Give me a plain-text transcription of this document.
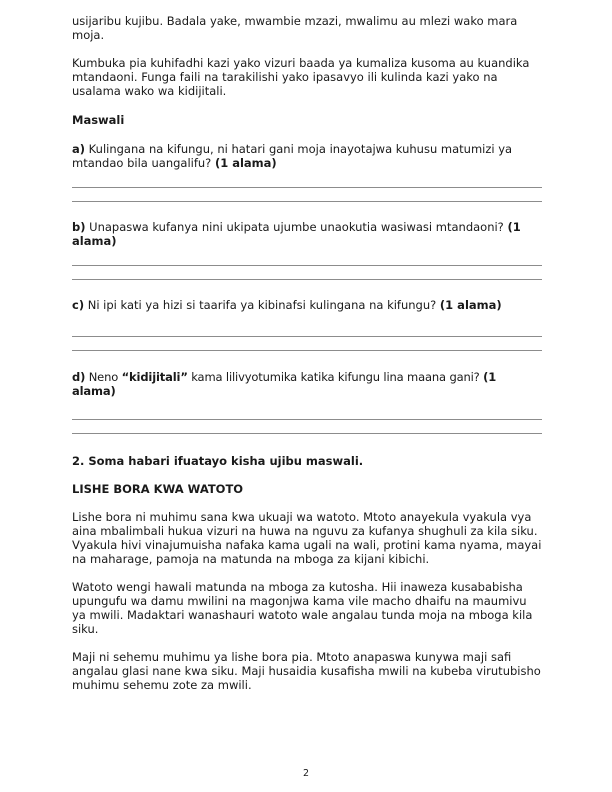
usijaribu kujibu. Badala yake, mwambie mzazi, mwalimu au mlezi wako mara moja.

Kumbuka pia kuhifadhi kazi yako vizuri baada ya kumaliza kusoma au kuandika mtandaoni. Funga faili na tarakilishi yako ipasavyo ili kulinda kazi yako na usalama wako wa kidijitali.

Maswali

a) Kulingana na kifungu, ni hatari gani moja inayotajwa kuhusu matumizi ya mtandao bila uangalifu? (1 alama)

b) Unapaswa kufanya nini ukipata ujumbe unaokutia wasiwasi mtandaoni? (1 alama)

c) Ni ipi kati ya hizi si taarifa ya kibinafsi kulingana na kifungu? (1 alama)

d) Neno “kidijitali” kama lilivyotumika katika kifungu lina maana gani? (1 alama)

2. Soma habari ifuatayo kisha ujibu maswali.

LISHE BORA KWA WATOTO

Lishe bora ni muhimu sana kwa ukuaji wa watoto. Mtoto anayekula vyakula vya aina mbalimbali hukua vizuri na huwa na nguvu za kufanya shughuli za kila siku. Vyakula hivi vinajumuisha nafaka kama ugali na wali, protini kama nyama, mayai na maharage, pamoja na matunda na mboga za kijani kibichi.

Watoto wengi hawali matunda na mboga za kutosha. Hii inaweza kusababisha upungufu wa damu mwilini na magonjwa kama vile macho dhaifu na maumivu ya mwili. Madaktari wanashauri watoto wale angalau tunda moja na mboga kila siku.

Maji ni sehemu muhimu ya lishe bora pia. Mtoto anapaswa kunywa maji safi angalau glasi nane kwa siku. Maji husaidia kusafisha mwili na kubeba virutubisho muhimu sehemu zote za mwili.

2
